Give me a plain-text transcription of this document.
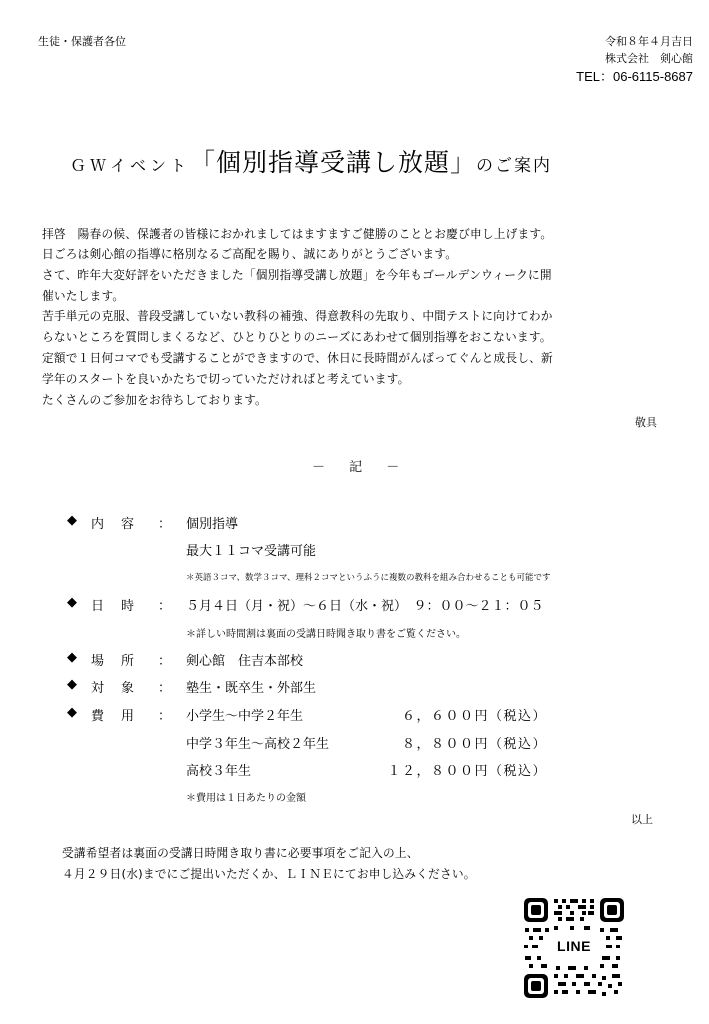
生徒・保護者各位	令和８年４月吉日
株式会社　剣心館
TEL：06-6115-8687
ＧＷイベント「個別指導受講し放題」のご案内
拝啓　陽春の候、保護者の皆様におかれましてはますますご健勝のこととお慶び申し上げます。
日ごろは剣心館の指導に格別なるご高配を賜り、誠にありがとうございます。
さて、昨年大変好評をいただきました「個別指導受講し放題」を今年もゴールデンウィークに開
催いたします。
苦手単元の克服、普段受講していない教科の補強、得意教科の先取り、中間テストに向けてわか
らないところを質問しまくるなど、ひとりひとりのニーズにあわせて個別指導をおこないます。
定額で１日何コマでも受講することができますので、休日に長時間がんばってぐんと成長し、新
学年のスタートを良いかたちで切っていただければと考えています。
たくさんのご参加をお待ちしております。
敬具
－ 記 －
◆ 内　容 ： 個別指導
最大１１コマ受講可能
＊英語３コマ、数学３コマ、理科２コマというふうに複数の教科を組み合わせることも可能です
◆ 日　時 ： ５月４日（月・祝）～６日（水・祝）　９：００～２１：０５
＊詳しい時間割は裏面の受講日時聞き取り書をご覧ください。
◆ 場　所 ： 剣心館　住吉本部校
◆ 対　象 ： 塾生・既卒生・外部生
◆ 費　用 ： 小学生～中学２年生	６，６００円（税込）
中学３年生～高校２年生	８，８００円（税込）
高校３年生	１２，８００円（税込）
＊費用は１日あたりの金額
以上
受講希望者は裏面の受講日時聞き取り書に必要事項をご記入の上、
４月２９日(水)までにご提出いただくか、ＬＩＮＥにてお申し込みください。
LINE
